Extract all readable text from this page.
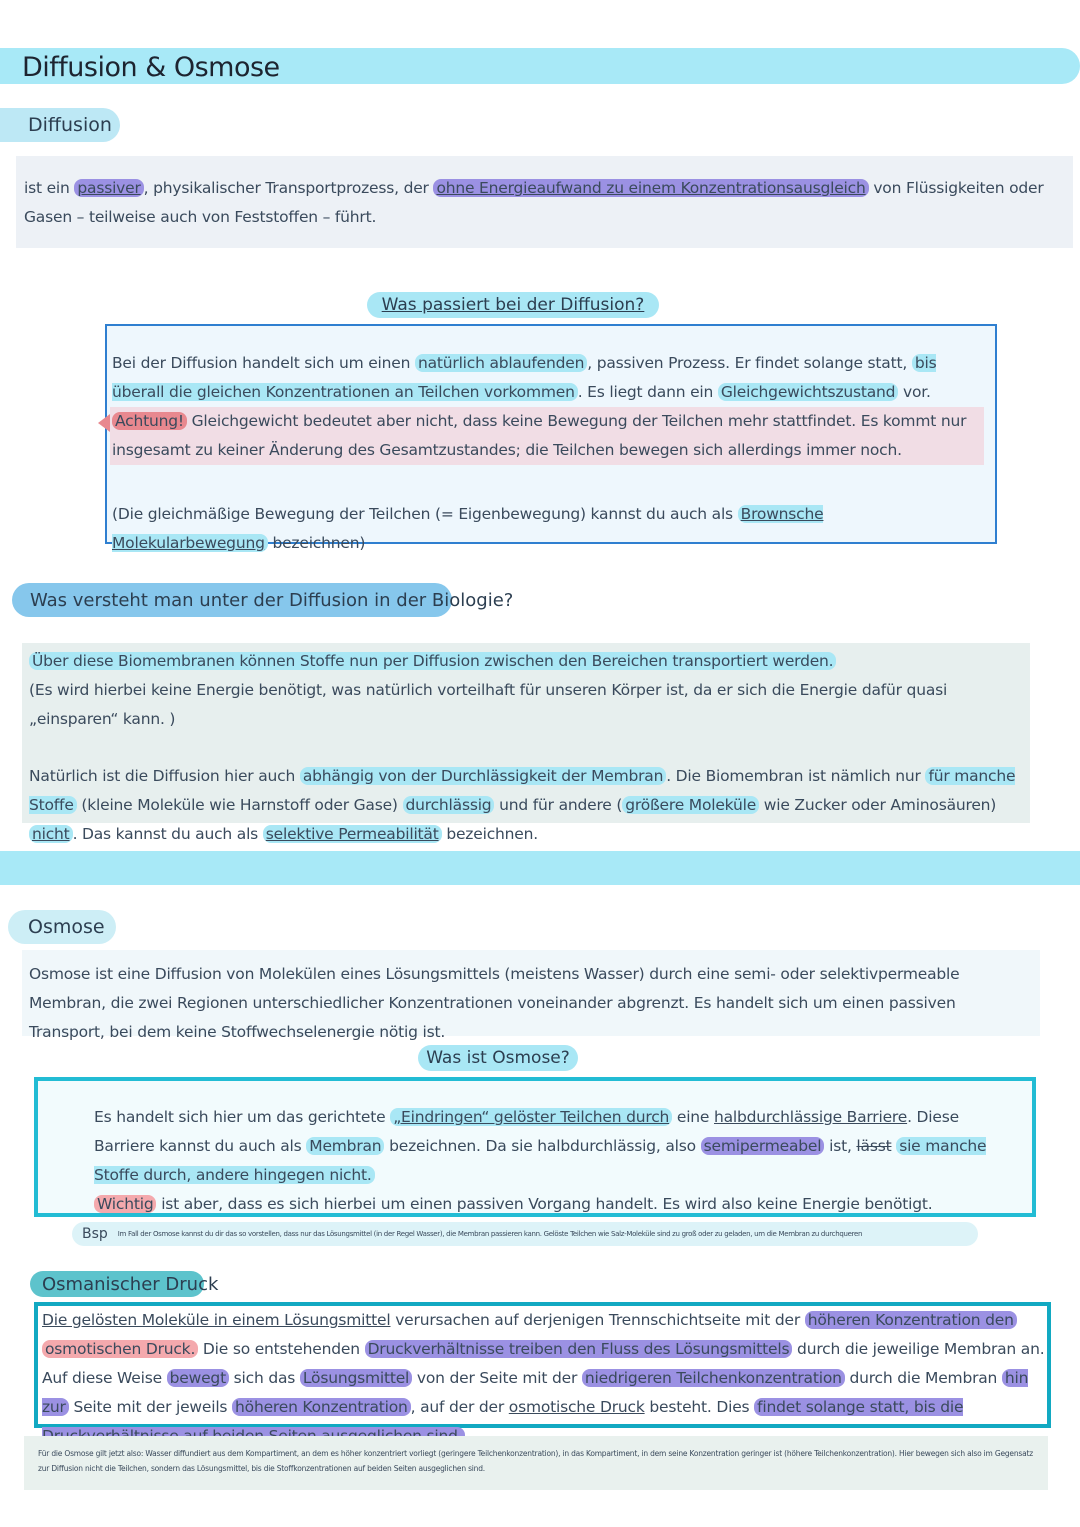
Diffusion & Osmose
Diffusion
ist ein passiver , physikalischer Transportprozess, der ohne Energieaufwand zu einem Konzentrationsausgleich von Flüssigkeiten oder Gasen – teilweise auch von Feststoffen – führt.
Was passiert bei der Diffusion?
Bei der Diffusion handelt sich um einen natürlich ablaufenden , passiven Prozess. Er findet solange statt, bis überall die gleichen Konzentrationen an Teilchen vorkommen . Es liegt dann ein Gleichgewichtszustand vor.
Achtung! Gleichgewicht bedeutet aber nicht, dass keine Bewegung der Teilchen mehr stattfindet. Es kommt nur insgesamt zu keiner Änderung des Gesamtzustandes; die Teilchen bewegen sich allerdings immer noch.
(Die gleichmäßige Bewegung der Teilchen (= Eigenbewegung) kannst du auch als Brownsche Molekularbewegung bezeichnen)
Was versteht man unter der Diffusion in der Biologie?
Über diese Biomembranen können Stoffe nun per Diffusion zwischen den Bereichen transportiert werden.
(Es wird hierbei keine Energie benötigt, was natürlich vorteilhaft für unseren Körper ist, da er sich die Energie dafür quasi „einsparen“ kann. )
Natürlich ist die Diffusion hier auch abhängig von der Durchlässigkeit der Membran . Die Biomembran ist nämlich nur für manche Stoffe (kleine Moleküle wie Harnstoff oder Gase) durchlässig und für andere ( größere Moleküle wie Zucker oder Aminosäuren) nicht . Das kannst du auch als selektive Permeabilität bezeichnen.
Osmose
Osmose ist eine Diffusion von Molekülen eines Lösungsmittels (meistens Wasser) durch eine semi- oder selektivpermeable Membran, die zwei Regionen unterschiedlicher Konzentrationen voneinander abgrenzt. Es handelt sich um einen passiven Transport, bei dem keine Stoffwechselenergie nötig ist.
Was ist Osmose?
Es handelt sich hier um das gerichtete „Eindringen“ gelöster Teilchen durch eine halbdurchlässige Barriere. Diese Barriere kannst du auch als Membran bezeichnen. Da sie halbdurchlässig, also semipermeabel ist, lässt sie manche Stoffe durch, andere hingegen nicht.
Wichtig ist aber, dass es sich hierbei um einen passiven Vorgang handelt. Es wird also keine Energie benötigt.
Bsp Im Fall der Osmose kannst du dir das so vorstellen, dass nur das Lösungsmittel (in der Regel Wasser), die Membran passieren kann. Gelöste Teilchen wie Salz-Moleküle sind zu groß oder zu geladen, um die Membran zu durchqueren
Osmanischer Druck
Die gelösten Moleküle in einem Lösungsmittel verursachen auf derjenigen Trennschichtseite mit der höheren Konzentration den osmotischen Druck. Die so entstehenden Druckverhältnisse treiben den Fluss des Lösungsmittels durch die jeweilige Membran an. Auf diese Weise bewegt sich das Lösungsmittel von der Seite mit der niedrigeren Teilchenkonzentration durch die Membran hin zur Seite mit der jeweils höheren Konzentration , auf der der osmotische Druck besteht. Dies findet solange statt, bis die
Für die Osmose gilt jetzt also: Wasser diffundiert aus dem Kompartiment, an dem es höher konzentriert vorliegt (geringere Teilchenkonzentration), in das Kompartiment, in dem seine Konzentration geringer ist (höhere Teilchenkonzentration). Hier bewegen sich also im Gegensatz zur Diffusion nicht die Teilchen, sondern das Lösungsmittel, bis die Stoffkonzentrationen auf beiden Seiten ausgeglichen sind.
